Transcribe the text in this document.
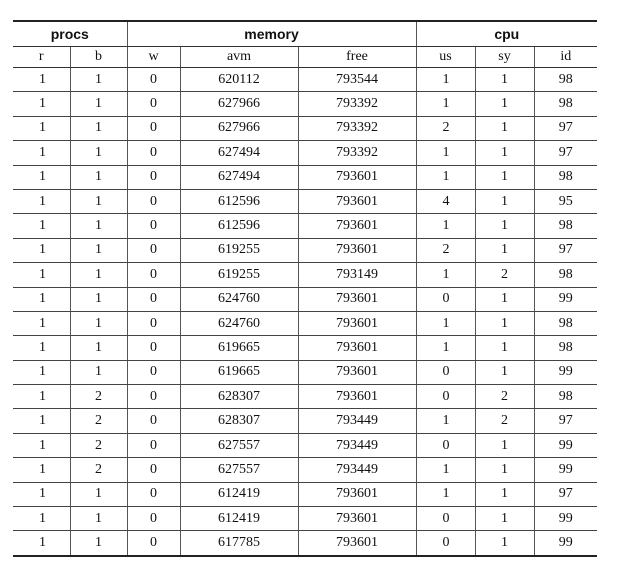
procs		memory			cpu		
r	b	w	avm	free	us	sy	id
1	1	0	620112	793544	1	1	98
1	1	0	627966	793392	1	1	98
1	1	0	627966	793392	2	1	97
1	1	0	627494	793392	1	1	97
1	1	0	627494	793601	1	1	98
1	1	0	612596	793601	4	1	95
1	1	0	612596	793601	1	1	98
1	1	0	619255	793601	2	1	97
1	1	0	619255	793149	1	2	98
1	1	0	624760	793601	0	1	99
1	1	0	624760	793601	1	1	98
1	1	0	619665	793601	1	1	98
1	1	0	619665	793601	0	1	99
1	2	0	628307	793601	0	2	98
1	2	0	628307	793449	1	2	97
1	2	0	627557	793449	0	1	99
1	2	0	627557	793449	1	1	99
1	1	0	612419	793601	1	1	97
1	1	0	612419	793601	0	1	99
1	1	0	617785	793601	0	1	99
